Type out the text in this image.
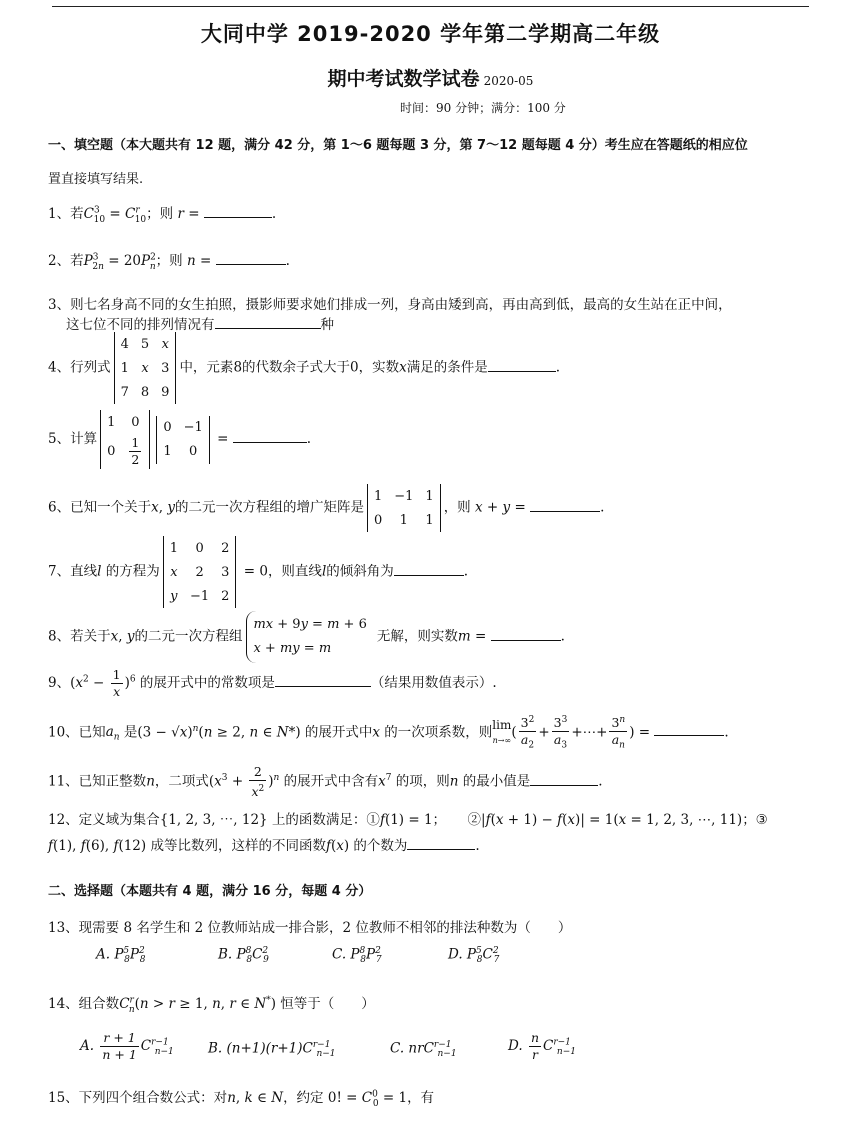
大同中学 2019-2020 学年第二学期高二年级
期中考试数学试卷 2020-05
时间：90 分钟；满分：100 分
一、填空题（本大题共有 12 题，满分 42 分，第 1～6 题每题 3 分，第 7～12 题每题 4 分）考生应在答题纸的相应位
置直接填写结果.
1、若$C^3_{10} = C^r_{10}$；则 r =	.
2、若$P^3_{2n} = 20P^2_n$；则 n =	.
3、则七名身高不同的女生拍照，摄影师要求她们排成一列，身高由矮到高，再由高到低，最高的女生站在正中间，
这七位不同的排列情况有	种
4、行列式
4	5	x
1	x	3
7	8	9
中，元素8的代数余子式大于0，实数x满足的条件是	.
5、计算
1	0
0	$\frac{1}{2}$
0	−1
1	0
=	.
6、已知一个关于x, y的二元一次方程组的增广矩阵是
1	−1	1
0	1	1
，则 x + y =	.
7、直线l 的方程为
1	0	2
x	2	3
y	−1	2
= 0，则直线l的倾斜角为	.
8、若关于x, y的二元一次方程组mx + 9y = m + 6
x + my = m无解，则实数m =	.
9、$(x^2 - \frac{1}{x} )^6$ 的展开式中的常数项是	（结果用数值表示）.
10、已知$a_n$ 是$(3 - √x)^n(n \ge 2$, n ∈ N*) 的展开式中x 的一次项系数，则lim
$n\to\infty( \frac{3^2}{a_2} + \frac{3^3}{a_3}$ +⋯+ $\frac{3^n}{a_n}$ ) =	.
11、已知正整数n，二项式$(x^3 + \frac{2}{x^2} )^n$ 的展开式中含有$x^7$ 的项，则n 的最小值是	.
12、定义域为集合{1, 2, 3, ⋯, 12} 上的函数满足：①f(1) = 1； ②|f(x + 1) − f(x)| = 1(x = 1, 2, 3, ⋯, 11)；③
f(1), f(6), f(12) 成等比数列，这样的不同函数f(x) 的个数为	.
二、选择题（本题共有 4 题，满分 16 分，每题 4 分）
13、现需要 8 名学生和 2 位教师站成一排合影，2 位教师不相邻的排法种数为（　　）
A. $P^5_8P^2_8$	B. $P^8_8C^2_9$	C. $P^8_8P^2_7$	D. $P^5_8C^2_7$
14、组合数$C^r_n(n > r \ge 1$, n, r ∈ N*) 恒等于（　　）
A. $\frac{r + 1}{n + 1} C^{r-1}_{n-1}$	B. $(n+1)(r+1)C^{r-1}_{n-1}$	C. nrC$^{r-1}_{n-1}$
D. $\frac{n}{r} C^{r-1}_{n-1}$
15、下列四个组合数公式：对n, k ∈ N，约定 0! = $C^0_0 = 1$，有
